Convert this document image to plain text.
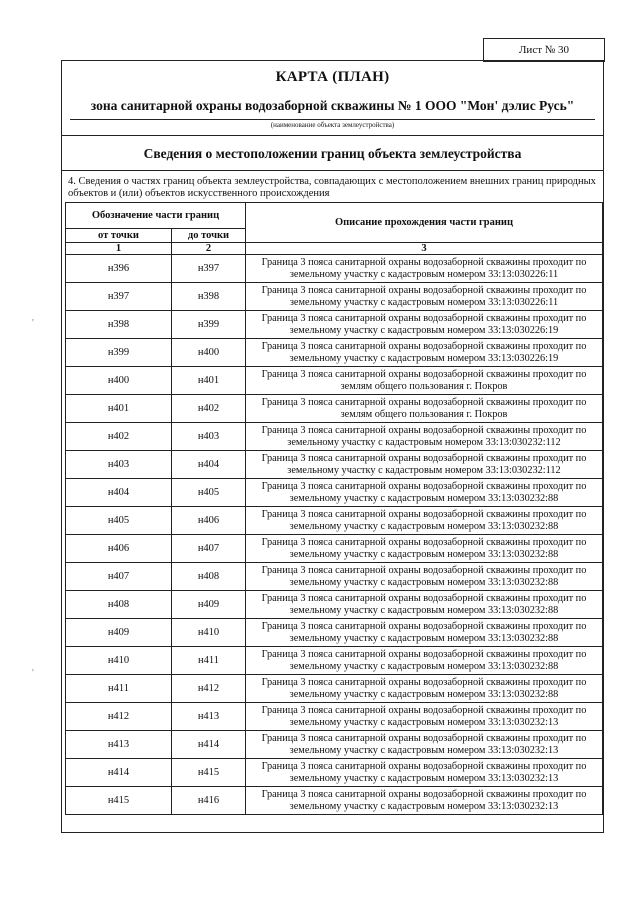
Лист № 30
КАРТА (ПЛАН)
зона санитарной охраны водозаборной скважины № 1 ООО "Мон' дэлис Русь"
(наименование объекта землеустройства)
Сведения о местоположении границ объекта землеустройства
4. Сведения о частях границ объекта землеустройства, совпадающих с местоположением внешних границ природных объектов и (или) объектов искусственного происхождения
Обозначение части границ		Описание прохождения части границ
от точки	до точки	
1	2	3
н396	н397	Граница 3 пояса санитарной охраны водозаборной скважины проходит по земельному участку с кадастровым номером 33:13:030226:11
н397	н398	Граница 3 пояса санитарной охраны водозаборной скважины проходит по земельному участку с кадастровым номером 33:13:030226:11
н398	н399	Граница 3 пояса санитарной охраны водозаборной скважины проходит по земельному участку с кадастровым номером 33:13:030226:19
н399	н400	Граница 3 пояса санитарной охраны водозаборной скважины проходит по земельному участку с кадастровым номером 33:13:030226:19
н400	н401	Граница 3 пояса санитарной охраны водозаборной скважины проходит по землям общего пользования г. Покров
н401	н402	Граница 3 пояса санитарной охраны водозаборной скважины проходит по землям общего пользования г. Покров
н402	н403	Граница 3 пояса санитарной охраны водозаборной скважины проходит по земельному участку с кадастровым номером 33:13:030232:112
н403	н404	Граница 3 пояса санитарной охраны водозаборной скважины проходит по земельному участку с кадастровым номером 33:13:030232:112
н404	н405	Граница 3 пояса санитарной охраны водозаборной скважины проходит по земельному участку с кадастровым номером 33:13:030232:88
н405	н406	Граница 3 пояса санитарной охраны водозаборной скважины проходит по земельному участку с кадастровым номером 33:13:030232:88
н406	н407	Граница 3 пояса санитарной охраны водозаборной скважины проходит по земельному участку с кадастровым номером 33:13:030232:88
н407	н408	Граница 3 пояса санитарной охраны водозаборной скважины проходит по земельному участку с кадастровым номером 33:13:030232:88
н408	н409	Граница 3 пояса санитарной охраны водозаборной скважины проходит по земельному участку с кадастровым номером 33:13:030232:88
н409	н410	Граница 3 пояса санитарной охраны водозаборной скважины проходит по земельному участку с кадастровым номером 33:13:030232:88
н410	н411	Граница 3 пояса санитарной охраны водозаборной скважины проходит по земельному участку с кадастровым номером 33:13:030232:88
н411	н412	Граница 3 пояса санитарной охраны водозаборной скважины проходит по земельному участку с кадастровым номером 33:13:030232:88
н412	н413	Граница 3 пояса санитарной охраны водозаборной скважины проходит по земельному участку с кадастровым номером 33:13:030232:13
н413	н414	Граница 3 пояса санитарной охраны водозаборной скважины проходит по земельному участку с кадастровым номером 33:13:030232:13
н414	н415	Граница 3 пояса санитарной охраны водозаборной скважины проходит по земельному участку с кадастровым номером 33:13:030232:13
н415	н416	Граница 3 пояса санитарной охраны водозаборной скважины проходит по земельному участку с кадастровым номером 33:13:030232:13
'
'
